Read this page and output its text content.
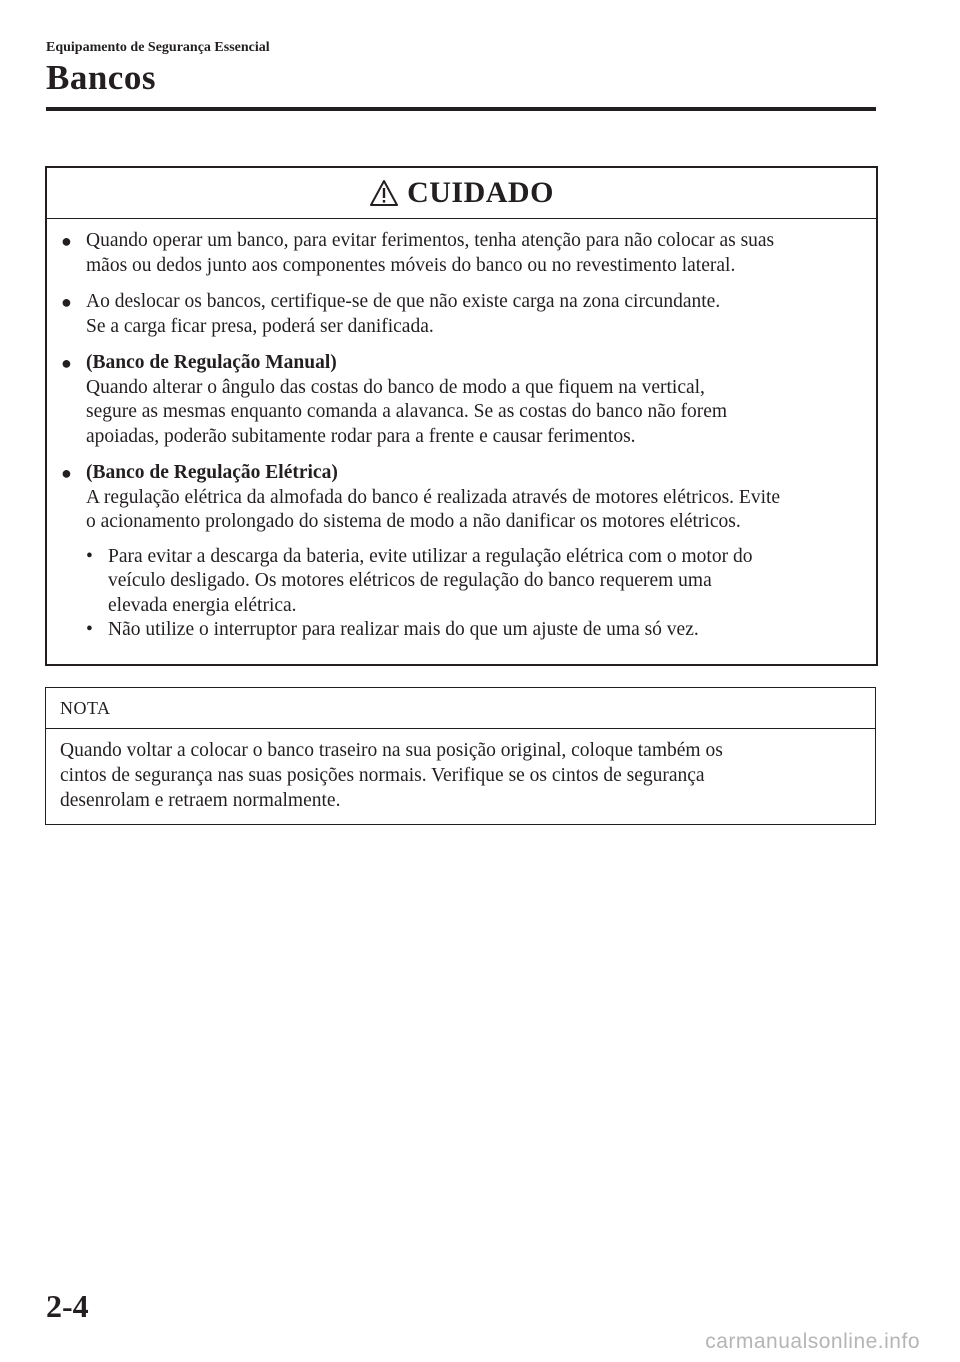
Equipamento de Segurança Essencial
Bancos
CUIDADO
● Quando operar um banco, para evitar ferimentos, tenha atenção para não colocar as suas
mãos ou dedos junto aos componentes móveis do banco ou no revestimento lateral.
● Ao deslocar os bancos, certifique-se de que não existe carga na zona circundante.
Se a carga ficar presa, poderá ser danificada.
● (Banco de Regulação Manual)
Quando alterar o ângulo das costas do banco de modo a que fiquem na vertical,
segure as mesmas enquanto comanda a alavanca. Se as costas do banco não forem
apoiadas, poderão subitamente rodar para a frente e causar ferimentos.
● (Banco de Regulação Elétrica)
A regulação elétrica da almofada do banco é realizada através de motores elétricos. Evite
o acionamento prolongado do sistema de modo a não danificar os motores elétricos.
• Para evitar a descarga da bateria, evite utilizar a regulação elétrica com o motor do
veículo desligado. Os motores elétricos de regulação do banco requerem uma
elevada energia elétrica.
• Não utilize o interruptor para realizar mais do que um ajuste de uma só vez.
NOTA
Quando voltar a colocar o banco traseiro na sua posição original, coloque também os
cintos de segurança nas suas posições normais. Verifique se os cintos de segurança
desenrolam e retraem normalmente.
2-4
carmanualsonline.info
